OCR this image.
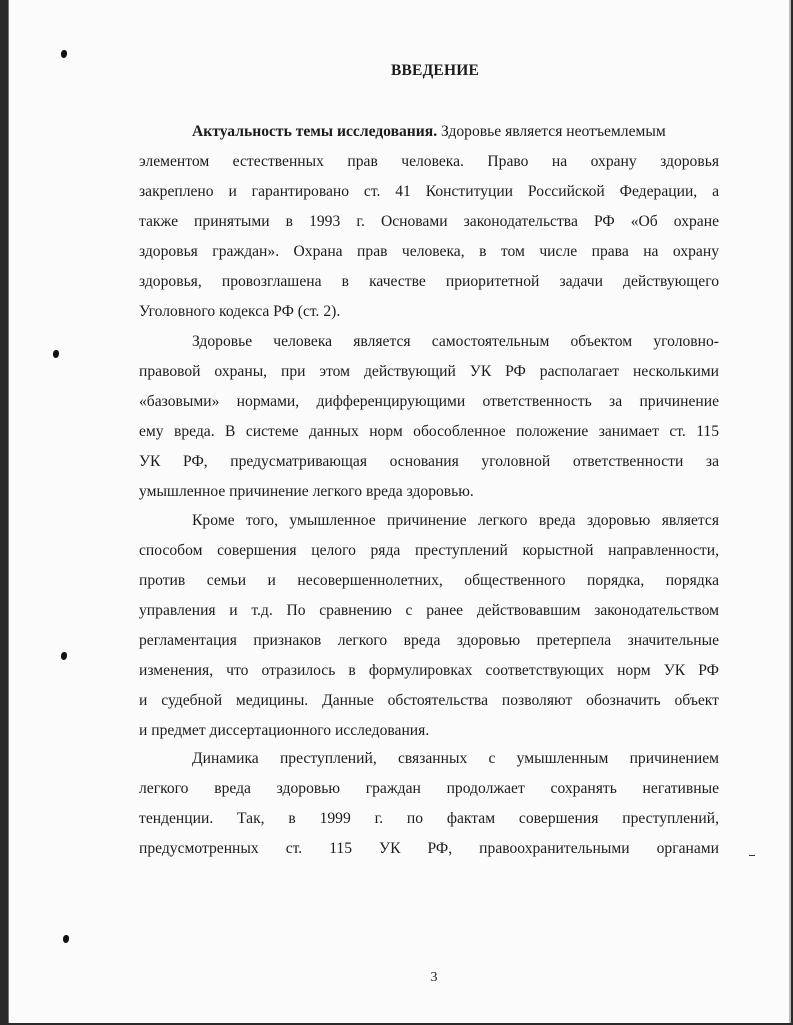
ВВЕДЕНИЕ

Актуальность темы исследования. Здоровье является неотъемлемым
элементом естественных прав человека. Право на охрану здоровья
закреплено и гарантировано ст. 41 Конституции Российской Федерации, а
также принятыми в 1993 г. Основами законодательства РФ «Об охране
здоровья граждан». Охрана прав человека, в том числе права на охрану
здоровья, провозглашена в качестве приоритетной задачи действующего
Уголовного кодекса РФ (ст. 2).

Здоровье человека является самостоятельным объектом уголовно-
правовой охраны, при этом действующий УК РФ располагает несколькими
«базовыми» нормами, дифференцирующими ответственность за причинение
ему вреда. В системе данных норм обособленное положение занимает ст. 115
УК РФ, предусматривающая основания уголовной ответственности за
умышленное причинение легкого вреда здоровью.

Кроме того, умышленное причинение легкого вреда здоровью является
способом совершения целого ряда преступлений корыстной направленности,
против семьи и несовершеннолетних, общественного порядка, порядка
управления и т.д. По сравнению с ранее действовавшим законодательством
регламентация признаков легкого вреда здоровью претерпела значительные
изменения, что отразилось в формулировках соответствующих норм УК РФ
и судебной медицины. Данные обстоятельства позволяют обозначить объект
и предмет диссертационного исследования.

Динамика преступлений, связанных с умышленным причинением
легкого вреда здоровью граждан продолжает сохранять негативные
тенденции. Так, в 1999 г. по фактам совершения преступлений,
предусмотренных ст. 115 УК РФ, правоохранительными органами

3
